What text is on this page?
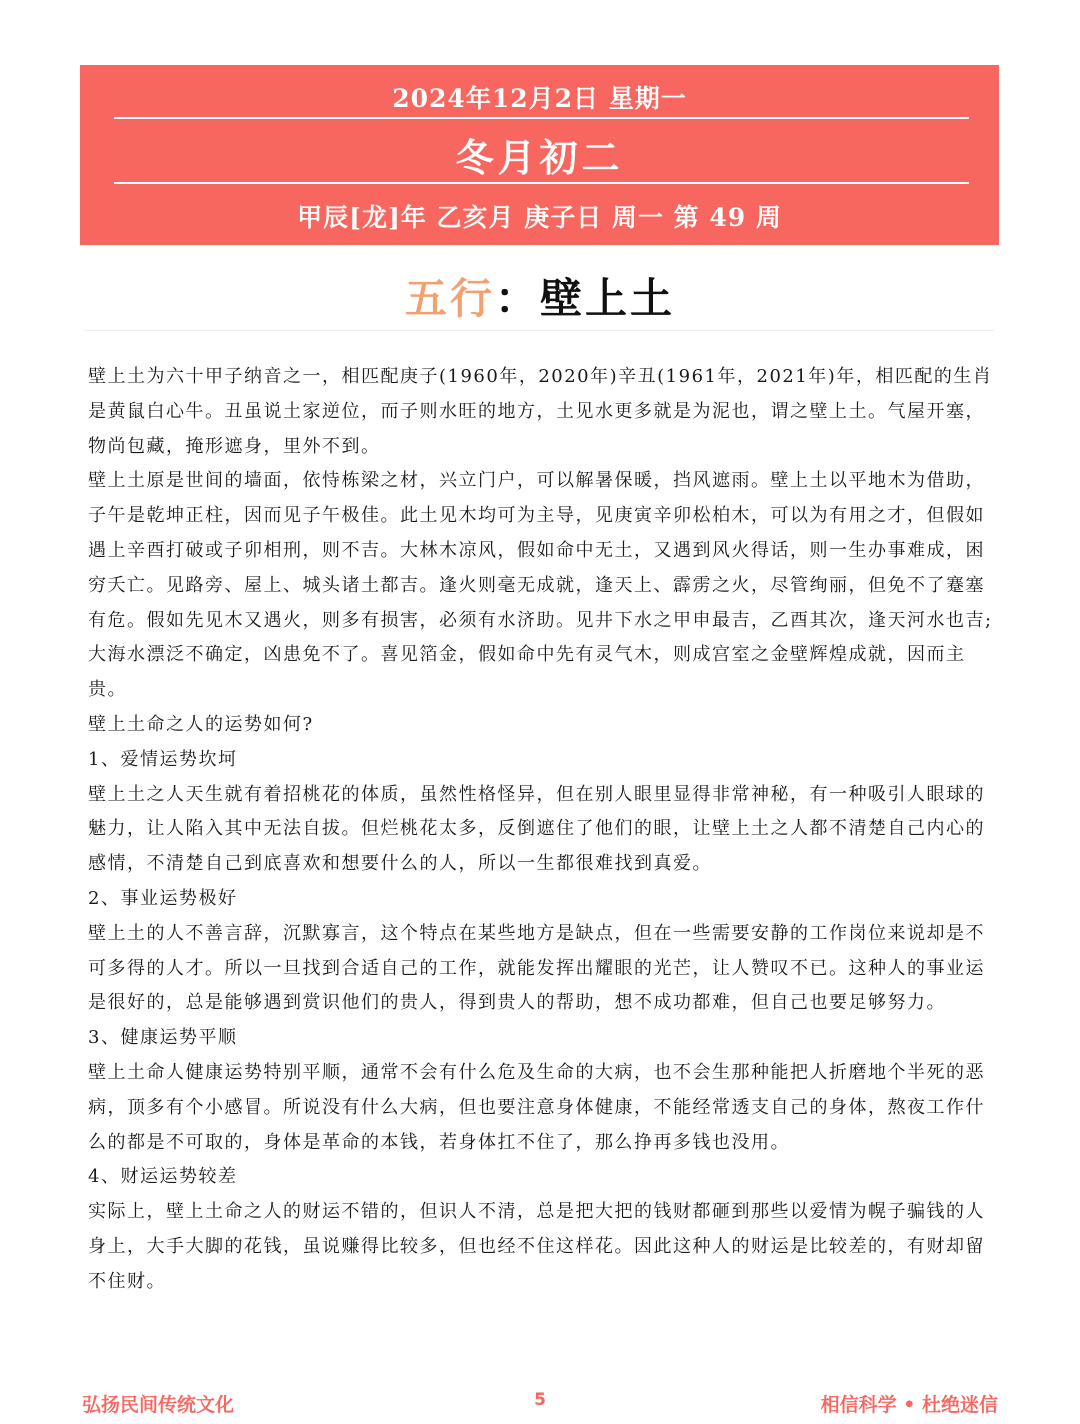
2024年12月2日 星期一
冬月初二
甲辰[龙]年 乙亥月 庚子日 周一 第 49 周
五行：壁上土

壁上土为六十甲子纳音之一，相匹配庚子(1960年，2020年)辛丑(1961年，2021年)年，相匹配的生肖是黄鼠白心牛。丑虽说土家逆位，而子则水旺的地方，土见水更多就是为泥也，谓之壁上土。气屋开塞，物尚包藏，掩形遮身，里外不到。

壁上土原是世间的墙面，依恃栋梁之材，兴立门户，可以解暑保暖，挡风遮雨。壁上土以平地木为借助，子午是乾坤正柱，因而见子午极佳。此土见木均可为主导，见庚寅辛卯松柏木，可以为有用之才，但假如遇上辛酉打破或子卯相刑，则不吉。大林木凉风，假如命中无土，又遇到风火得话，则一生办事难成，困穷夭亡。见路旁、屋上、城头诸土都吉。逢火则毫无成就，逢天上、霹雳之火，尽管绚丽，但免不了蹇塞有危。假如先见木又遇火，则多有损害，必须有水济助。见井下水之甲申最吉，乙酉其次，逢天河水也吉;大海水漂泛不确定，凶患免不了。喜见箔金，假如命中先有灵气木，则成宫室之金壁辉煌成就，因而主贵。

壁上土命之人的运势如何?

1、爱情运势坎坷

壁上土之人天生就有着招桃花的体质，虽然性格怪异，但在别人眼里显得非常神秘，有一种吸引人眼球的魅力，让人陷入其中无法自拔。但烂桃花太多，反倒遮住了他们的眼，让壁上土之人都不清楚自己内心的感情，不清楚自己到底喜欢和想要什么的人，所以一生都很难找到真爱。

2、事业运势极好

壁上土的人不善言辞，沉默寡言，这个特点在某些地方是缺点，但在一些需要安静的工作岗位来说却是不可多得的人才。所以一旦找到合适自己的工作，就能发挥出耀眼的光芒，让人赞叹不已。这种人的事业运是很好的，总是能够遇到赏识他们的贵人，得到贵人的帮助，想不成功都难，但自己也要足够努力。

3、健康运势平顺

壁上土命人健康运势特别平顺，通常不会有什么危及生命的大病，也不会生那种能把人折磨地个半死的恶病，顶多有个小感冒。所说没有什么大病，但也要注意身体健康，不能经常透支自己的身体，熬夜工作什么的都是不可取的，身体是革命的本钱，若身体扛不住了，那么挣再多钱也没用。

4、财运运势较差

实际上，壁上土命之人的财运不错的，但识人不清，总是把大把的钱财都砸到那些以爱情为幌子骗钱的人身上，大手大脚的花钱，虽说赚得比较多，但也经不住这样花。因此这种人的财运是比较差的，有财却留不住财。

弘扬民间传统文化	5	相信科学 • 杜绝迷信
